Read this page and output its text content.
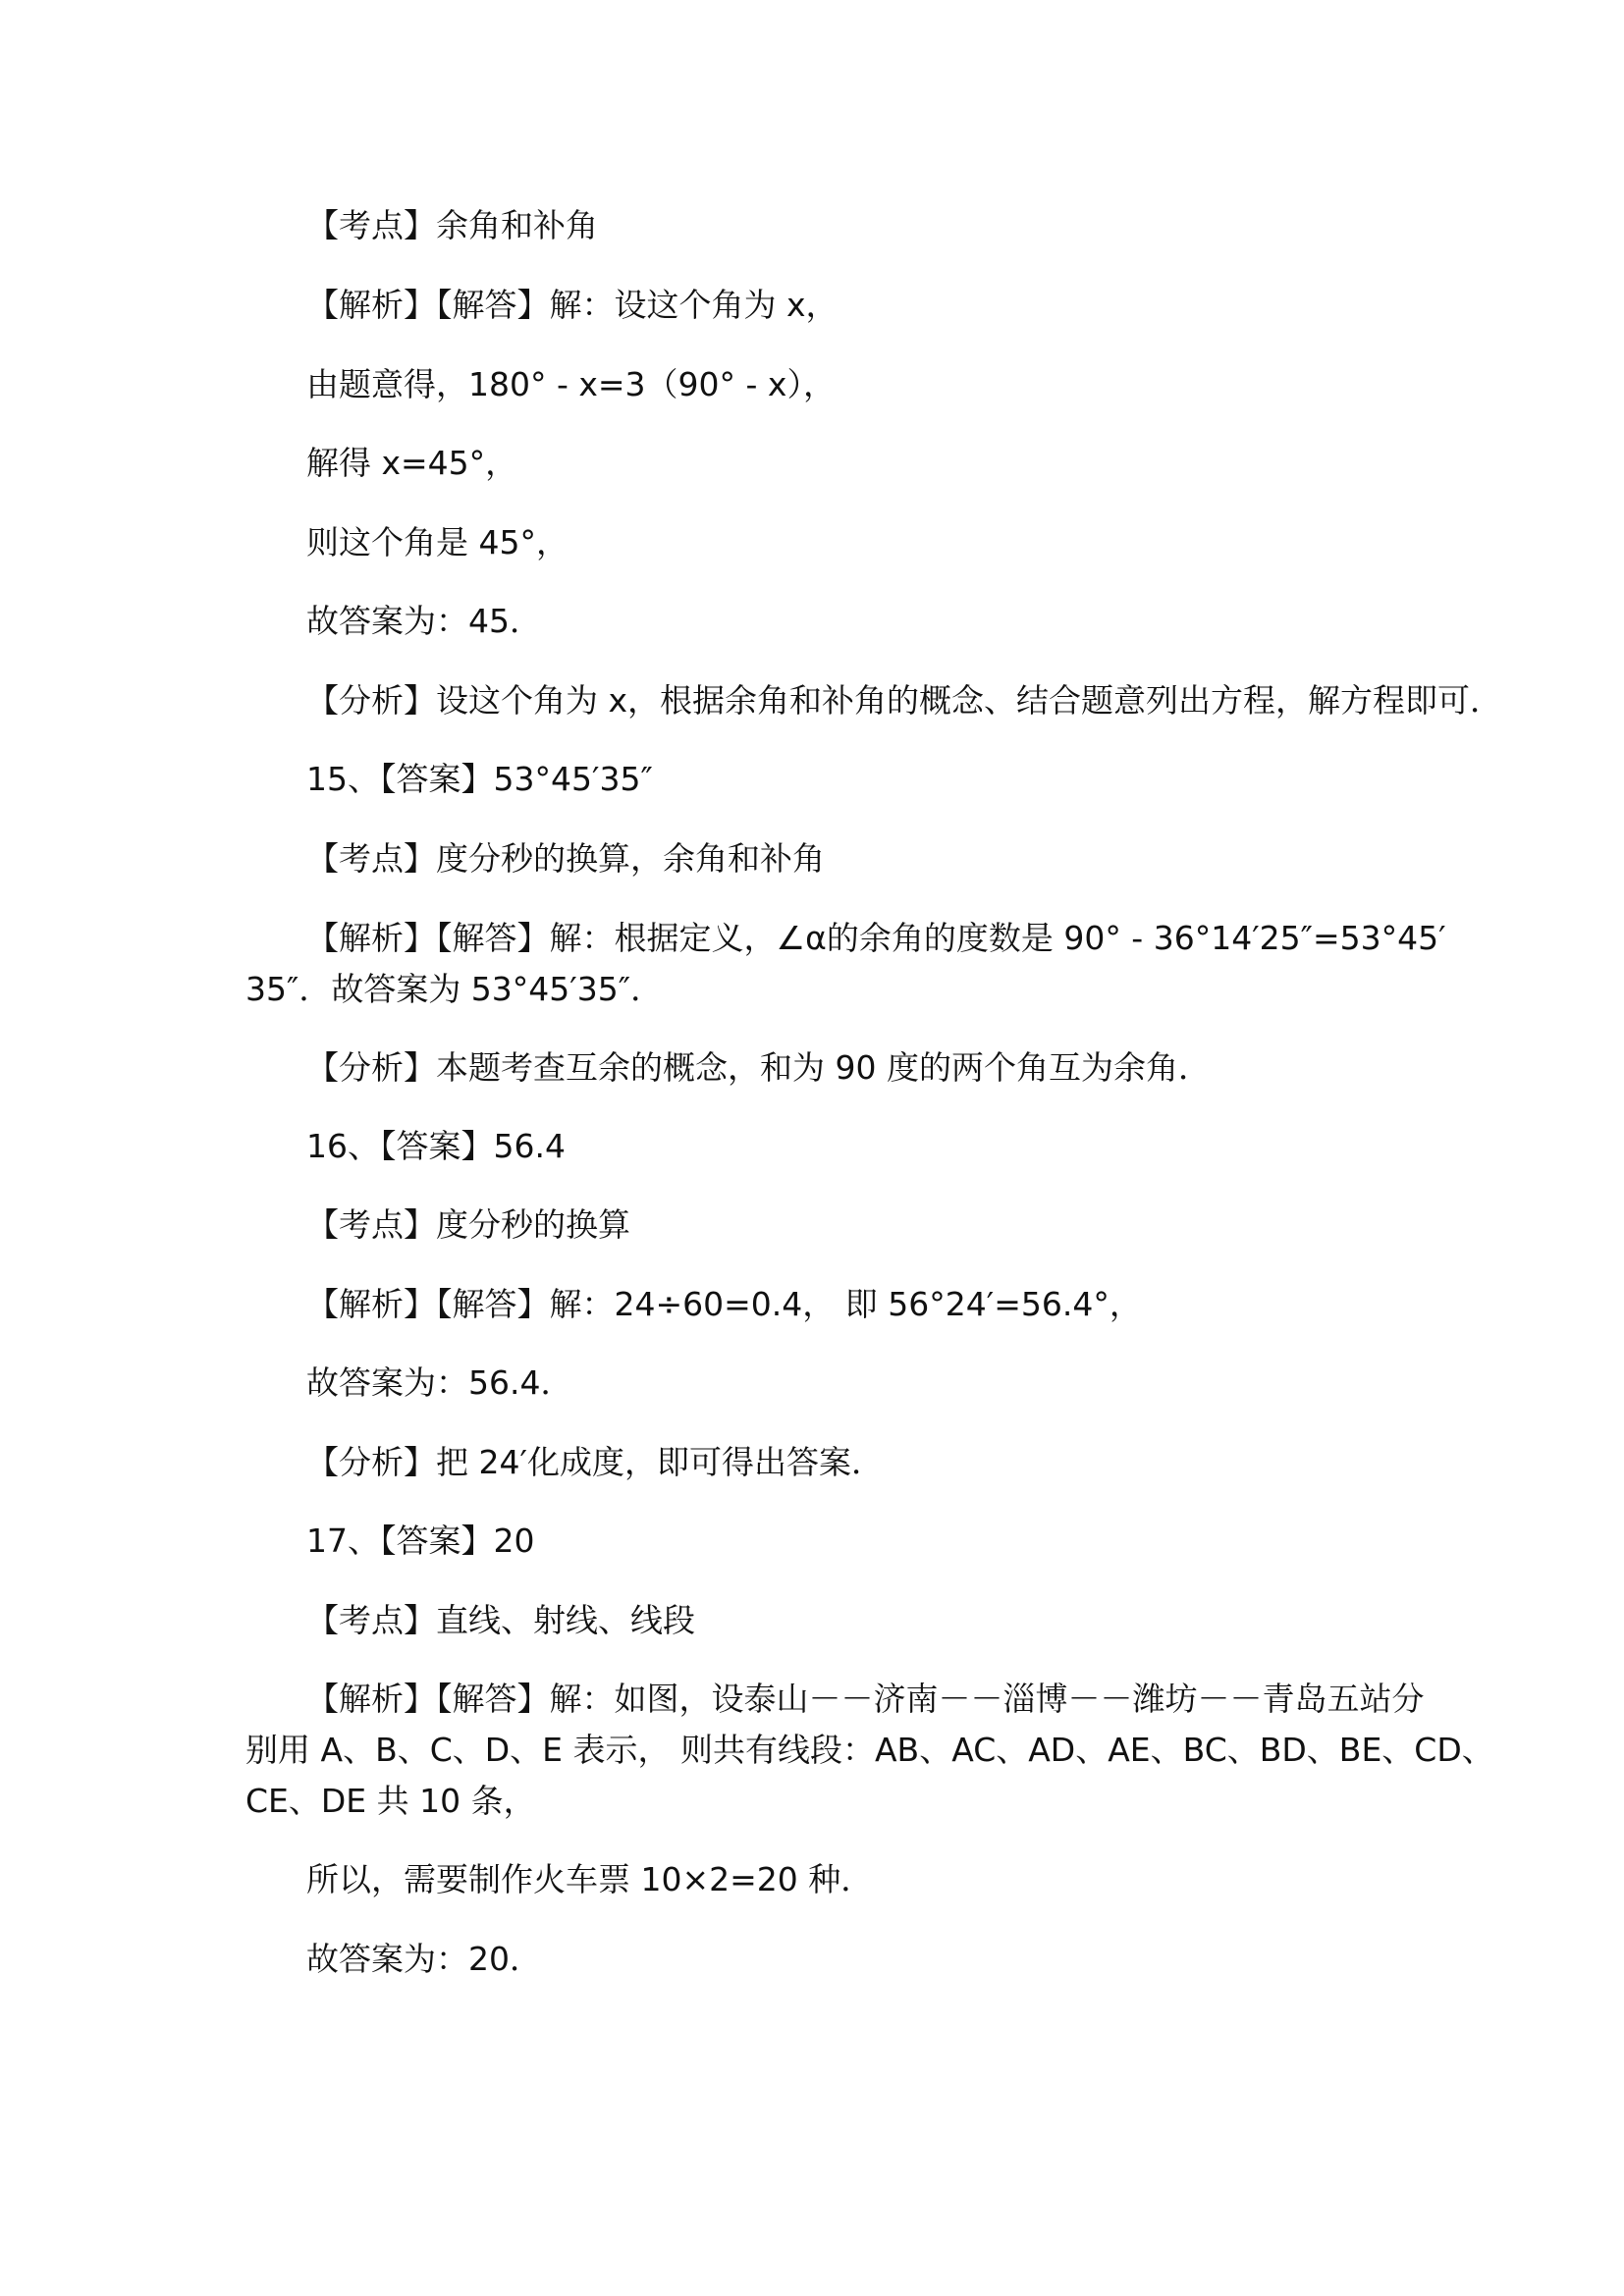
【考点】余角和补角
【解析】【解答】解：设这个角为 x，
由题意得，180° - x=3（90° - x），
解得 x=45°，
则这个角是 45°，
故答案为：45．
【分析】设这个角为 x，根据余角和补角的概念、结合题意列出方程，解方程即可．
15、【答案】53°45′35″
【考点】度分秒的换算，余角和补角
【解析】【解答】解：根据定义，∠α的余角的度数是 90° - 36°14′25″=53°45′
35″．故答案为 53°45′35″．
【分析】本题考查互余的概念，和为 90 度的两个角互为余角．
16、【答案】56.4
【考点】度分秒的换算
【解析】【解答】解：24÷60=0.4， 即 56°24′=56.4°，
故答案为：56.4．
【分析】把 24′化成度，即可得出答案．
17、【答案】20
【考点】直线、射线、线段
【解析】【解答】解：如图，设泰山－－济南－－淄博－－潍坊－－青岛五站分
别用 A、B、C、D、E 表示， 则共有线段：AB、AC、AD、AE、BC、BD、BE、CD、
CE、DE 共 10 条，
所以，需要制作火车票 10×2=20 种．
故答案为：20．
